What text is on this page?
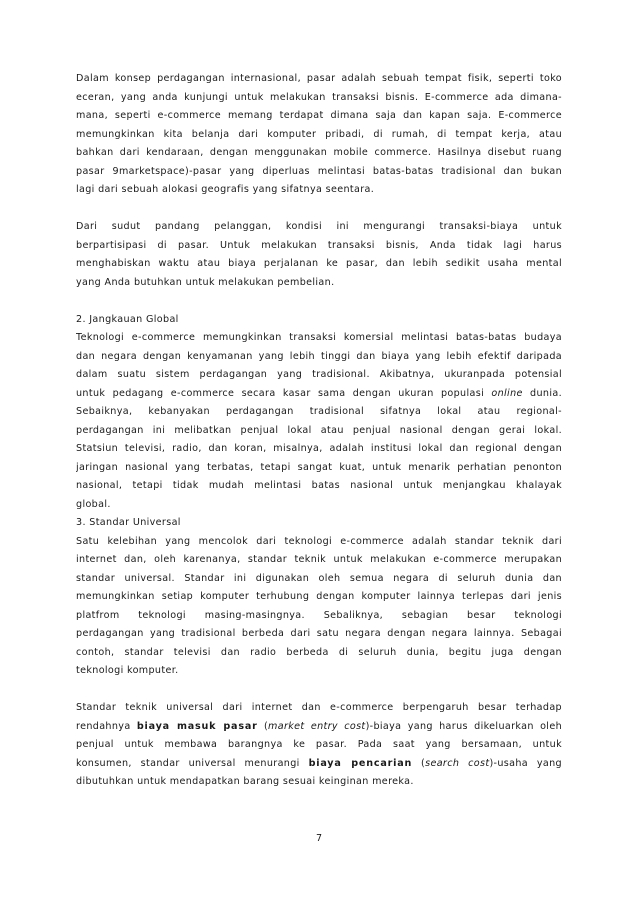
Dalam konsep perdagangan internasional, pasar adalah sebuah tempat fisik, seperti toko
eceran, yang anda kunjungi untuk melakukan transaksi bisnis. E-commerce ada dimana-
mana, seperti e-commerce memang terdapat dimana saja dan kapan saja. E-commerce
memungkinkan kita belanja dari komputer pribadi, di rumah, di tempat kerja, atau
bahkan dari kendaraan, dengan menggunakan mobile commerce. Hasilnya disebut ruang
pasar 9marketspace)-pasar yang diperluas melintasi batas-batas tradisional dan bukan
lagi dari sebuah alokasi geografis yang sifatnya seentara.
Dari sudut pandang pelanggan, kondisi ini mengurangi transaksi-biaya untuk
berpartisipasi di pasar. Untuk melakukan transaksi bisnis, Anda tidak lagi harus
menghabiskan waktu atau biaya perjalanan ke pasar, dan lebih sedikit usaha mental
yang Anda butuhkan untuk melakukan pembelian.
2. Jangkauan Global
Teknologi e-commerce memungkinkan transaksi komersial melintasi batas-batas budaya
dan negara dengan kenyamanan yang lebih tinggi dan biaya yang lebih efektif daripada
dalam suatu sistem perdagangan yang tradisional. Akibatnya, ukuranpada potensial
untuk pedagang e-commerce secara kasar sama dengan ukuran populasi online dunia.
Sebaiknya, kebanyakan perdagangan tradisional sifatnya lokal atau regional-
perdagangan ini melibatkan penjual lokal atau penjual nasional dengan gerai lokal.
Statsiun televisi, radio, dan koran, misalnya, adalah institusi lokal dan regional dengan
jaringan nasional yang terbatas, tetapi sangat kuat, untuk menarik perhatian penonton
nasional, tetapi tidak mudah melintasi batas nasional untuk menjangkau khalayak
global.
3. Standar Universal
Satu kelebihan yang mencolok dari teknologi e-commerce adalah standar teknik dari
internet dan, oleh karenanya, standar teknik untuk melakukan e-commerce merupakan
standar universal. Standar ini digunakan oleh semua negara di seluruh dunia dan
memungkinkan setiap komputer terhubung dengan komputer lainnya terlepas dari jenis
platfrom teknologi masing-masingnya. Sebaliknya, sebagian besar teknologi
perdagangan yang tradisional berbeda dari satu negara dengan negara lainnya. Sebagai
contoh, standar televisi dan radio berbeda di seluruh dunia, begitu juga dengan
teknologi komputer.
Standar teknik universal dari internet dan e-commerce berpengaruh besar terhadap
rendahnya biaya masuk pasar (market entry cost)-biaya yang harus dikeluarkan oleh
penjual untuk membawa barangnya ke pasar. Pada saat yang bersamaan, untuk
konsumen, standar universal menurangi biaya pencarian (search cost)-usaha yang
dibutuhkan untuk mendapatkan barang sesuai keinginan mereka.
7
